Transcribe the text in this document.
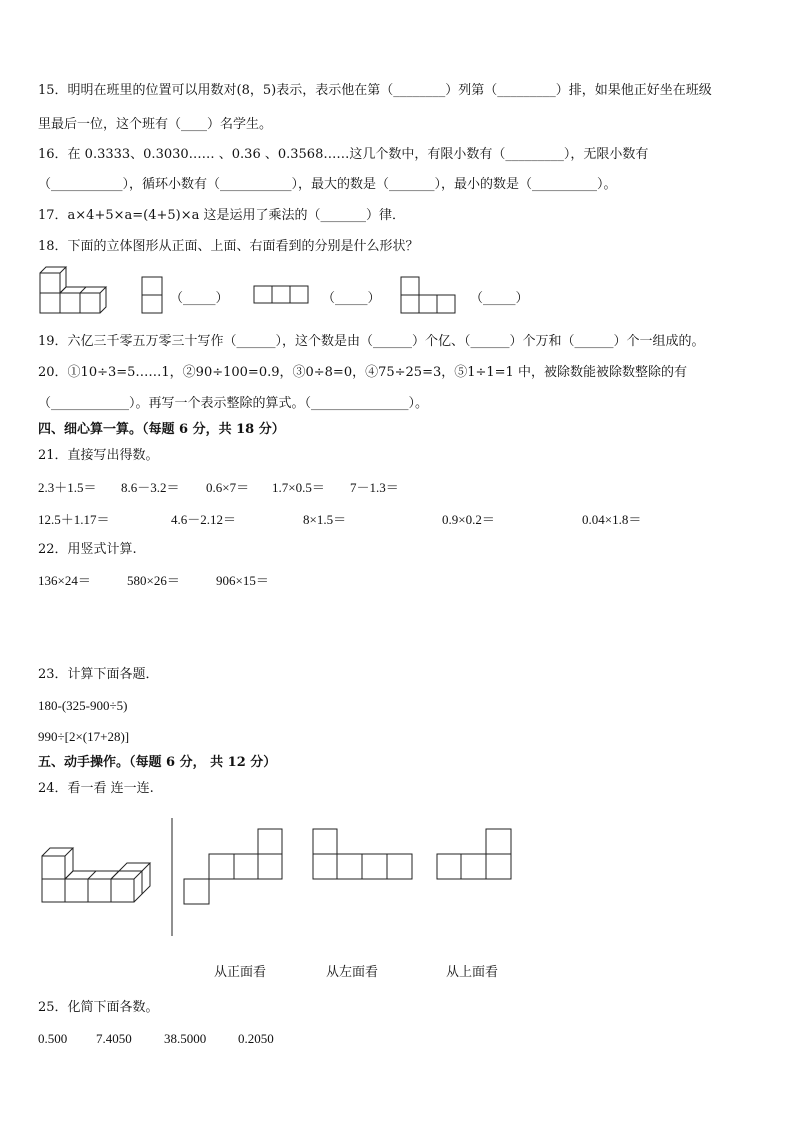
15．明明在班里的位置可以用数对(8，5)表示，表示他在第（________）列第（_________）排，如果他正好坐在班级
里最后一位，这个班有（____）名学生。
16．在 0.3333、0.3030…… 、0.36 、0.3568……这几个数中，有限小数有（_________），无限小数有
（___________），循环小数有（___________），最大的数是（_______），最小的数是（__________）。
17．a×4+5×a=(4+5)×a 这是运用了乘法的（_______）律．
18．下面的立体图形从正面、上面、右面看到的分别是什么形状？
（_____）	（_____）	（_____）
19．六亿三千零五万零三十写作（______），这个数是由（______）个亿、（______）个万和（______）个一组成的。
20．①10÷3=5……1，②90÷100=0.9，③0÷8=0，④75÷25=3，⑤1÷1=1 中，被除数能被除数整除的有
（____________）。再写一个表示整除的算式。（_______________）。
四、细心算一算。（每题 6 分，共 18 分）
21．直接写出得数。
2.3＋1.5＝ 8.6－3.2＝ 0.6×7＝ 1.7×0.5＝ 7－1.3＝
12.5＋1.17＝	4.6－2.12＝	8×1.5＝	0.9×0.2＝	0.04×1.8＝
22．用竖式计算.
136×24＝	580×26＝	906×15＝
23．计算下面各题．
180-(325-900÷5)
990÷[2×(17+28)]
五、动手操作。（每题 6 分， 共 12 分）
24．看一看 连一连.
从正面看	从左面看	从上面看
25．化简下面各数。
0.500 7.4050 38.5000 0.2050
